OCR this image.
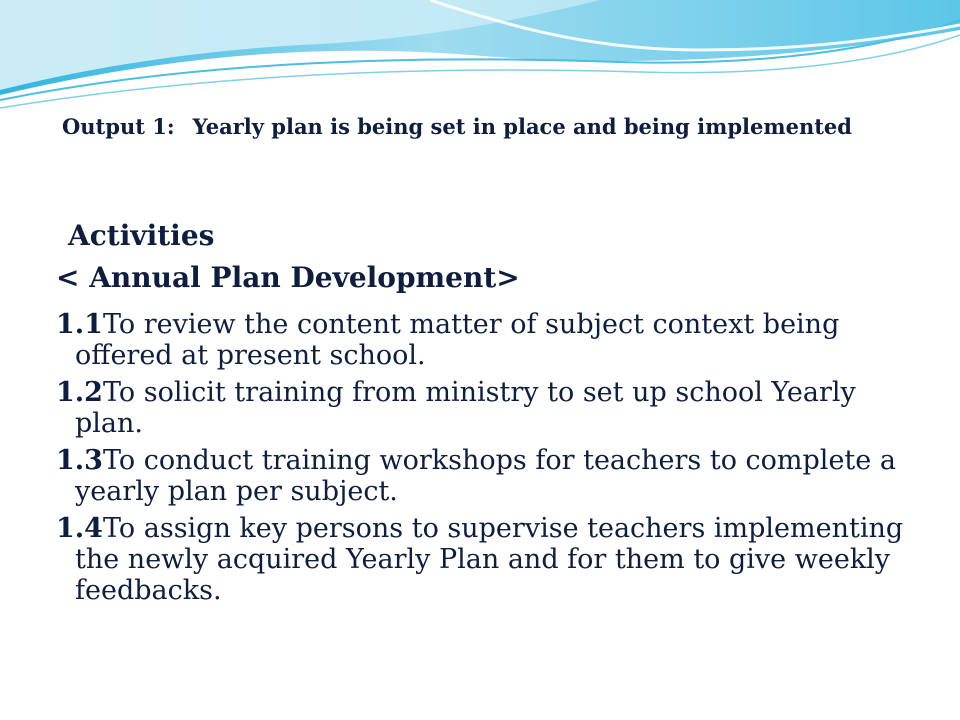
Output 1: Yearly plan is being set in place and being implemented
Activities
< Annual Plan Development>
1.1To review the content matter of subject context being offered at present school.
1.2To solicit training from ministry to set up school Yearly plan.
1.3To conduct training workshops for teachers to complete a yearly plan per subject.
1.4To assign key persons to supervise teachers implementing the newly acquired Yearly Plan and for them to give weekly feedbacks.
